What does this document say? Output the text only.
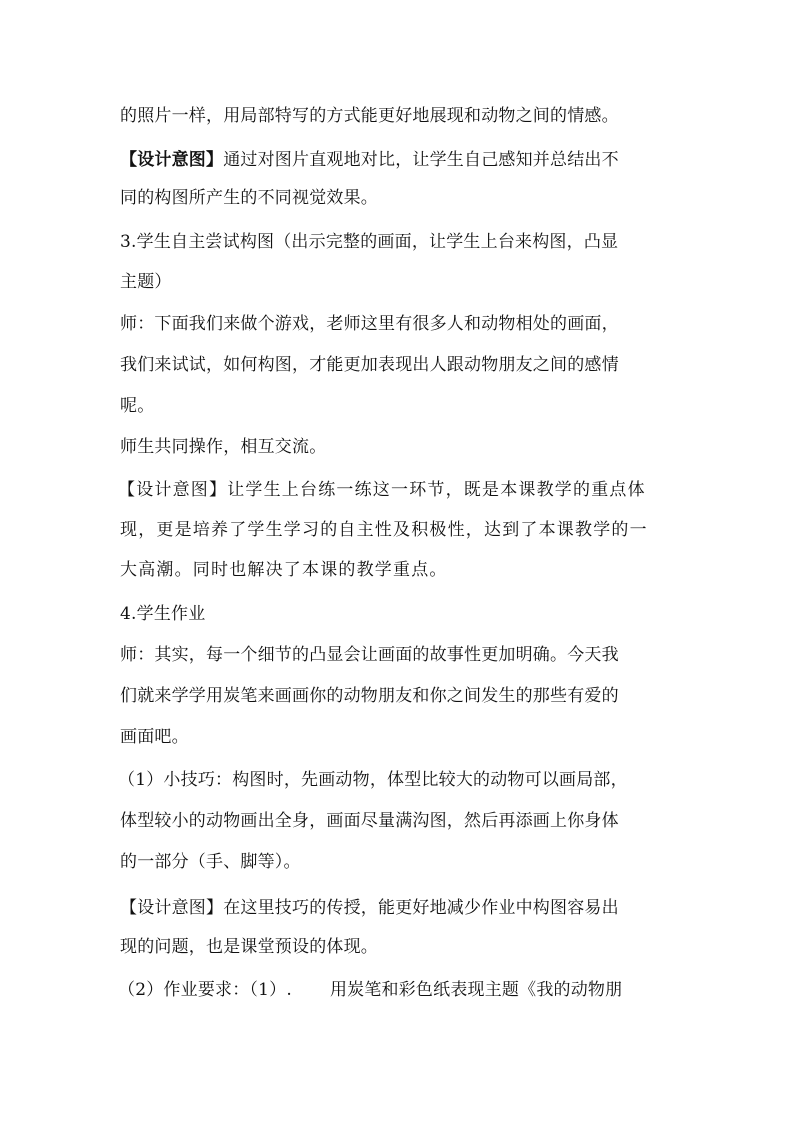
的照片一样，用局部特写的方式能更好地展现和动物之间的情感。
【设计意图】通过对图片直观地对比，让学生自己感知并总结出不
同的构图所产生的不同视觉效果。
3.学生自主尝试构图（出示完整的画面，让学生上台来构图，凸显
主题）
师：下面我们来做个游戏，老师这里有很多人和动物相处的画面，
我们来试试，如何构图，才能更加表现出人跟动物朋友之间的感情
呢。
师生共同操作，相互交流。
【设计意图】让学生上台练一练这一环节，既是本课教学的重点体
现，更是培养了学生学习的自主性及积极性，达到了本课教学的一
大高潮。同时也解决了本课的教学重点。
4.学生作业
师：其实，每一个细节的凸显会让画面的故事性更加明确。今天我
们就来学学用炭笔来画画你的动物朋友和你之间发生的那些有爱的
画面吧。
（1）小技巧：构图时，先画动物，体型比较大的动物可以画局部，
体型较小的动物画出全身，画面尽量满沟图，然后再添画上你身体
的一部分（手、脚等）。
【设计意图】在这里技巧的传授，能更好地减少作业中构图容易出
现的问题，也是课堂预设的体现。
（2）作业要求：（1）. 用炭笔和彩色纸表现主题《我的动物朋
